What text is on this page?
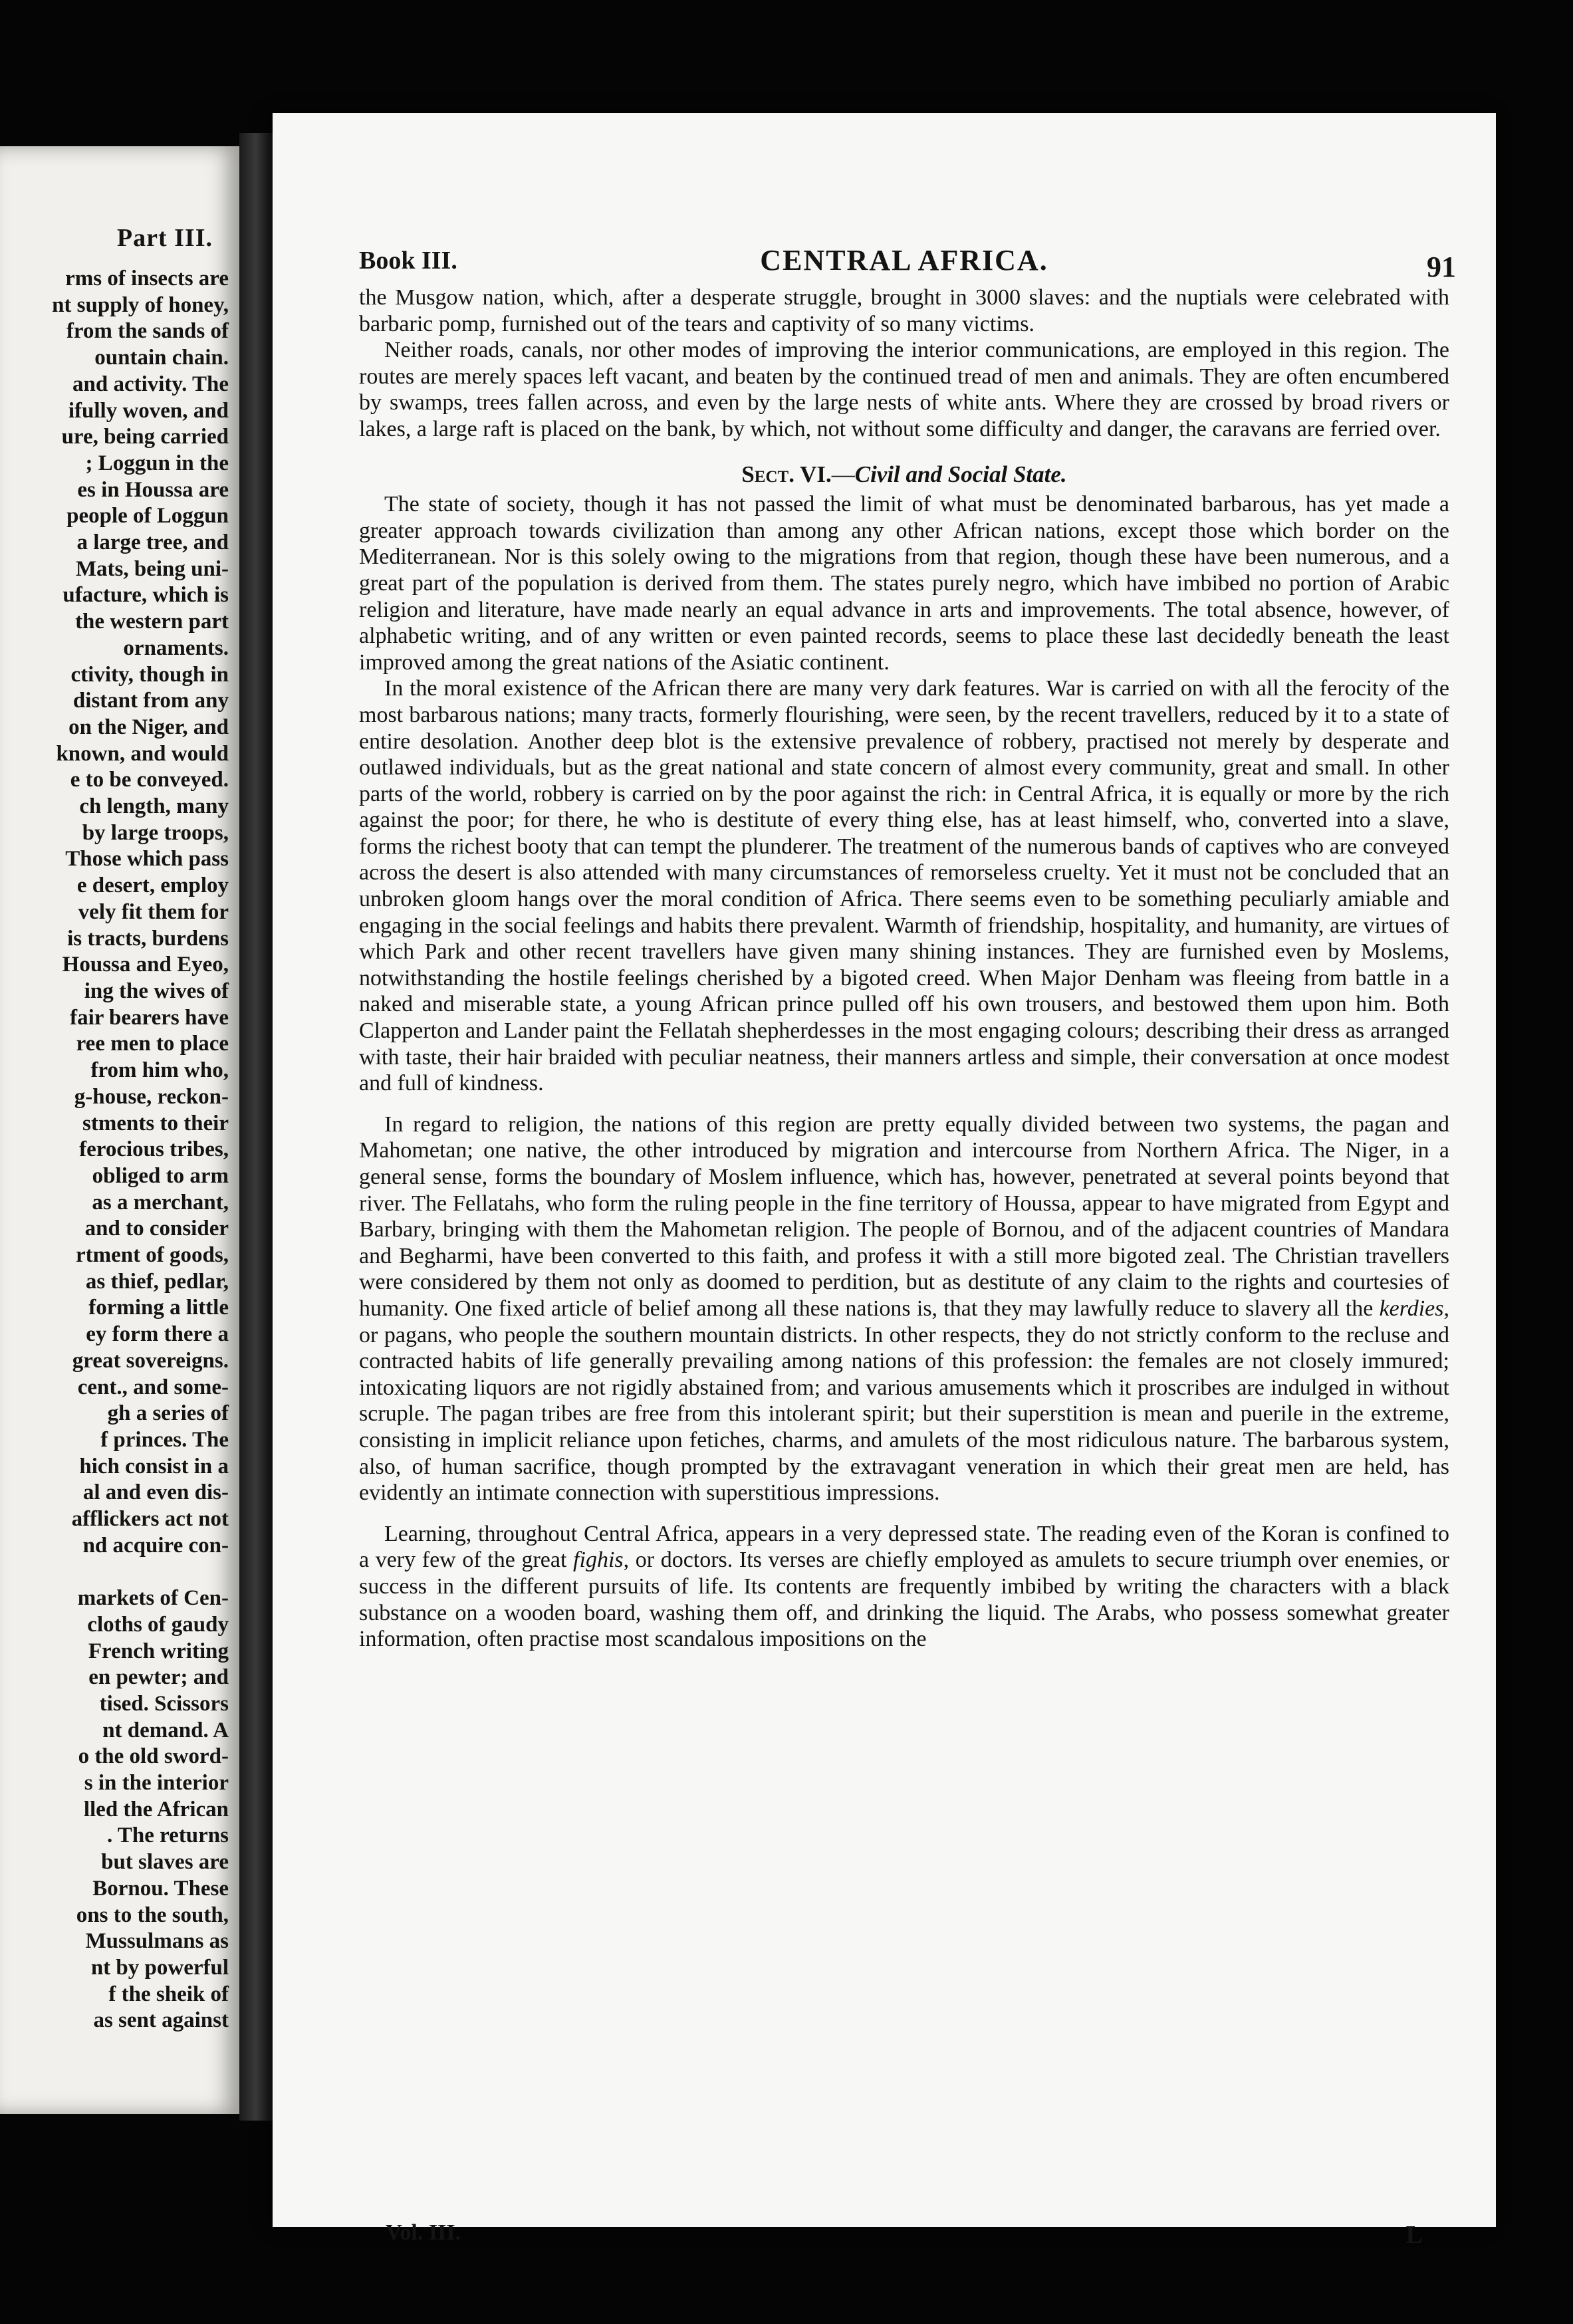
Part III.
rms of insects are
nt supply of honey,
from the sands of
ountain chain.
and activity. The
ifully woven, and
ure, being carried
; Loggun in the
es in Houssa are
people of Loggun
a large tree, and
Mats, being uni-
ufacture, which is
the western part
ornaments.
ctivity, though in
distant from any
on the Niger, and
known, and would
e to be conveyed.
ch length, many
by large troops,
Those which pass
e desert, employ
vely fit them for
is tracts, burdens
Houssa and Eyeo,
ing the wives of
fair bearers have
ree men to place
from him who,
g-house, reckon-
stments to their
ferocious tribes,
obliged to arm
as a merchant,
and to consider
rtment of goods,
as thief, pedlar,
forming a little
ey form there a
great sovereigns.
cent., and some-
gh a series of
f princes. The
hich consist in a
al and even dis-
afflickers act not
nd acquire con-

markets of Cen-
cloths of gaudy
French writing
en pewter; and
tised. Scissors
nt demand. A
o the old sword-
s in the interior
lled the African
. The returns
but slaves are
Bornou. These
ons to the south,
Mussulmans as
nt by powerful
f the sheik of
as sent against
Book III.	CENTRAL AFRICA.	91

the Musgow nation, which, after a desperate struggle, brought in 3000 slaves: and the nuptials were celebrated with barbaric pomp, furnished out of the tears and captivity of so many victims.

Neither roads, canals, nor other modes of improving the interior communications, are employed in this region. The routes are merely spaces left vacant, and beaten by the continued tread of men and animals. They are often encumbered by swamps, trees fallen across, and even by the large nests of white ants. Where they are crossed by broad rivers or lakes, a large raft is placed on the bank, by which, not without some difficulty and danger, the caravans are ferried over.

Sect. VI.—Civil and Social State.

The state of society, though it has not passed the limit of what must be denominated barbarous, has yet made a greater approach towards civilization than among any other African nations, except those which border on the Mediterranean. Nor is this solely owing to the migrations from that region, though these have been numerous, and a great part of the population is derived from them. The states purely negro, which have imbibed no portion of Arabic religion and literature, have made nearly an equal advance in arts and improvements. The total absence, however, of alphabetic writing, and of any written or even painted records, seems to place these last decidedly beneath the least improved among the great nations of the Asiatic continent.

In the moral existence of the African there are many very dark features. War is carried on with all the ferocity of the most barbarous nations; many tracts, formerly flourishing, were seen, by the recent travellers, reduced by it to a state of entire desolation. Another deep blot is the extensive prevalence of robbery, practised not merely by desperate and outlawed individuals, but as the great national and state concern of almost every community, great and small. In other parts of the world, robbery is carried on by the poor against the rich: in Central Africa, it is equally or more by the rich against the poor; for there, he who is destitute of every thing else, has at least himself, who, converted into a slave, forms the richest booty that can tempt the plunderer. The treatment of the numerous bands of captives who are conveyed across the desert is also attended with many circumstances of remorseless cruelty. Yet it must not be concluded that an unbroken gloom hangs over the moral condition of Africa. There seems even to be something peculiarly amiable and engaging in the social feelings and habits there prevalent. Warmth of friendship, hospitality, and humanity, are virtues of which Park and other recent travellers have given many shining instances. They are furnished even by Moslems, notwithstanding the hostile feelings cherished by a bigoted creed. When Major Denham was fleeing from battle in a naked and miserable state, a young African prince pulled off his own trousers, and bestowed them upon him. Both Clapperton and Lander paint the Fellatah shepherdesses in the most engaging colours; describing their dress as arranged with taste, their hair braided with peculiar neatness, their manners artless and simple, their conversation at once modest and full of kindness.

In regard to religion, the nations of this region are pretty equally divided between two systems, the pagan and Mahometan; one native, the other introduced by migration and intercourse from Northern Africa. The Niger, in a general sense, forms the boundary of Moslem influence, which has, however, penetrated at several points beyond that river. The Fellatahs, who form the ruling people in the fine territory of Houssa, appear to have migrated from Egypt and Barbary, bringing with them the Mahometan religion. The people of Bornou, and of the adjacent countries of Mandara and Begharmi, have been converted to this faith, and profess it with a still more bigoted zeal. The Christian travellers were considered by them not only as doomed to perdition, but as destitute of any claim to the rights and courtesies of humanity. One fixed article of belief among all these nations is, that they may lawfully reduce to slavery all the kerdies, or pagans, who people the southern mountain districts. In other respects, they do not strictly conform to the recluse and contracted habits of life generally prevailing among nations of this profession: the females are not closely immured; intoxicating liquors are not rigidly abstained from; and various amusements which it proscribes are indulged in without scruple. The pagan tribes are free from this intolerant spirit; but their superstition is mean and puerile in the extreme, consisting in implicit reliance upon fetiches, charms, and amulets of the most ridiculous nature. The barbarous system, also, of human sacrifice, though prompted by the extravagant veneration in which their great men are held, has evidently an intimate connection with superstitious impressions.

Learning, throughout Central Africa, appears in a very depressed state. The reading even of the Koran is confined to a very few of the great fighis, or doctors. Its verses are chiefly employed as amulets to secure triumph over enemies, or success in the different pursuits of life. Its contents are frequently imbibed by writing the characters with a black substance on a wooden board, washing them off, and drinking the liquid. The Arabs, who possess somewhat greater information, often practise most scandalous impositions on the

Vol. III.	L
